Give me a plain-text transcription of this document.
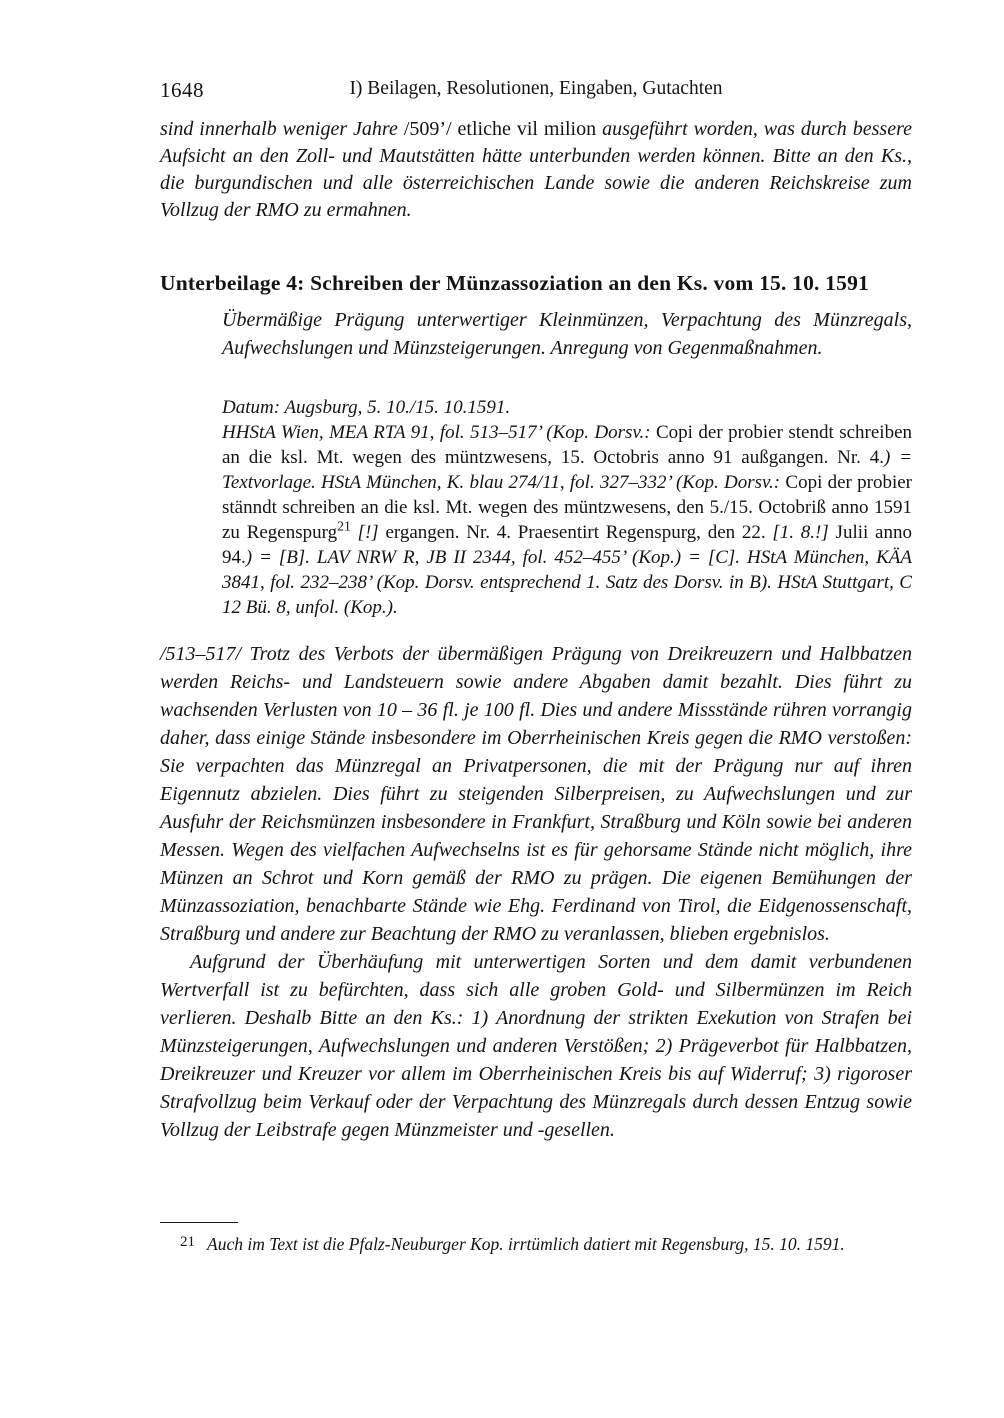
1648	I) Beilagen, Resolutionen, Eingaben, Gutachten

sind innerhalb weniger Jahre /509’/ etliche vil milion ausgeführt worden, was durch bessere Aufsicht an den Zoll- und Mautstätten hätte unterbunden werden können. Bitte an den Ks., die burgundischen und alle österreichischen Lande sowie die anderen Reichskreise zum Vollzug der RMO zu ermahnen.

Unterbeilage 4: Schreiben der Münzassoziation an den Ks. vom 15. 10. 1591

Übermäßige Prägung unterwertiger Kleinmünzen, Verpachtung des Münzregals, Aufwechslungen und Münzsteigerungen. Anregung von Gegenmaßnahmen.

Datum: Augsburg, 5. 10./15. 10.1591.

HHStA Wien, MEA RTA 91, fol. 513–517’ (Kop. Dorsv.: Copi der probier stendt schreiben an die ksl. Mt. wegen des müntzwesens, 15. Octobris anno 91 außgangen. Nr. 4.) = Textvorlage. HStA München, K. blau 274/11, fol. 327–332’ (Kop. Dorsv.: Copi der probier stänndt schreiben an die ksl. Mt. wegen des müntzwesens, den 5./15. Octobriß anno 1591 zu Regenspurg$^{21}$ [!] ergangen. Nr. 4. Praesentirt Regenspurg, den 22. [1. 8.!] Julii anno 94.) = [B]. LAV NRW R, JB II 2344, fol. 452–455’ (Kop.) = [C]. HStA München, KÄA 3841, fol. 232–238’ (Kop. Dorsv. entsprechend 1. Satz des Dorsv. in B). HStA Stuttgart, C 12 Bü. 8, unfol. (Kop.).

/513–517/ Trotz des Verbots der übermäßigen Prägung von Dreikreuzern und Halbbatzen werden Reichs- und Landsteuern sowie andere Abgaben damit bezahlt. Dies führt zu wachsenden Verlusten von 10 – 36 fl. je 100 fl. Dies und andere Missstände rühren vorrangig daher, dass einige Stände insbesondere im Oberrheinischen Kreis gegen die RMO verstoßen: Sie verpachten das Münzregal an Privatpersonen, die mit der Prägung nur auf ihren Eigennutz abzielen. Dies führt zu steigenden Silberpreisen, zu Aufwechslungen und zur Ausfuhr der Reichsmünzen insbesondere in Frankfurt, Straßburg und Köln sowie bei anderen Messen. Wegen des vielfachen Aufwechselns ist es für gehorsame Stände nicht möglich, ihre Münzen an Schrot und Korn gemäß der RMO zu prägen. Die eigenen Bemühungen der Münzassoziation, benachbarte Stände wie Ehg. Ferdinand von Tirol, die Eidgenossenschaft, Straßburg und andere zur Beachtung der RMO zu veranlassen, blieben ergebnislos.

Aufgrund der Überhäufung mit unterwertigen Sorten und dem damit verbundenen Wertverfall ist zu befürchten, dass sich alle groben Gold- und Silbermünzen im Reich verlieren. Deshalb Bitte an den Ks.: 1) Anordnung der strikten Exekution von Strafen bei Münzsteigerungen, Aufwechslungen und anderen Verstößen; 2) Prägeverbot für Halbbatzen, Dreikreuzer und Kreuzer vor allem im Oberrheinischen Kreis bis auf Widerruf; 3) rigoroser Strafvollzug beim Verkauf oder der Verpachtung des Münzregals durch dessen Entzug sowie Vollzug der Leibstrafe gegen Münzmeister und -gesellen.

21 Auch im Text ist die Pfalz-Neuburger Kop. irrtümlich datiert mit Regensburg, 15. 10. 1591.
